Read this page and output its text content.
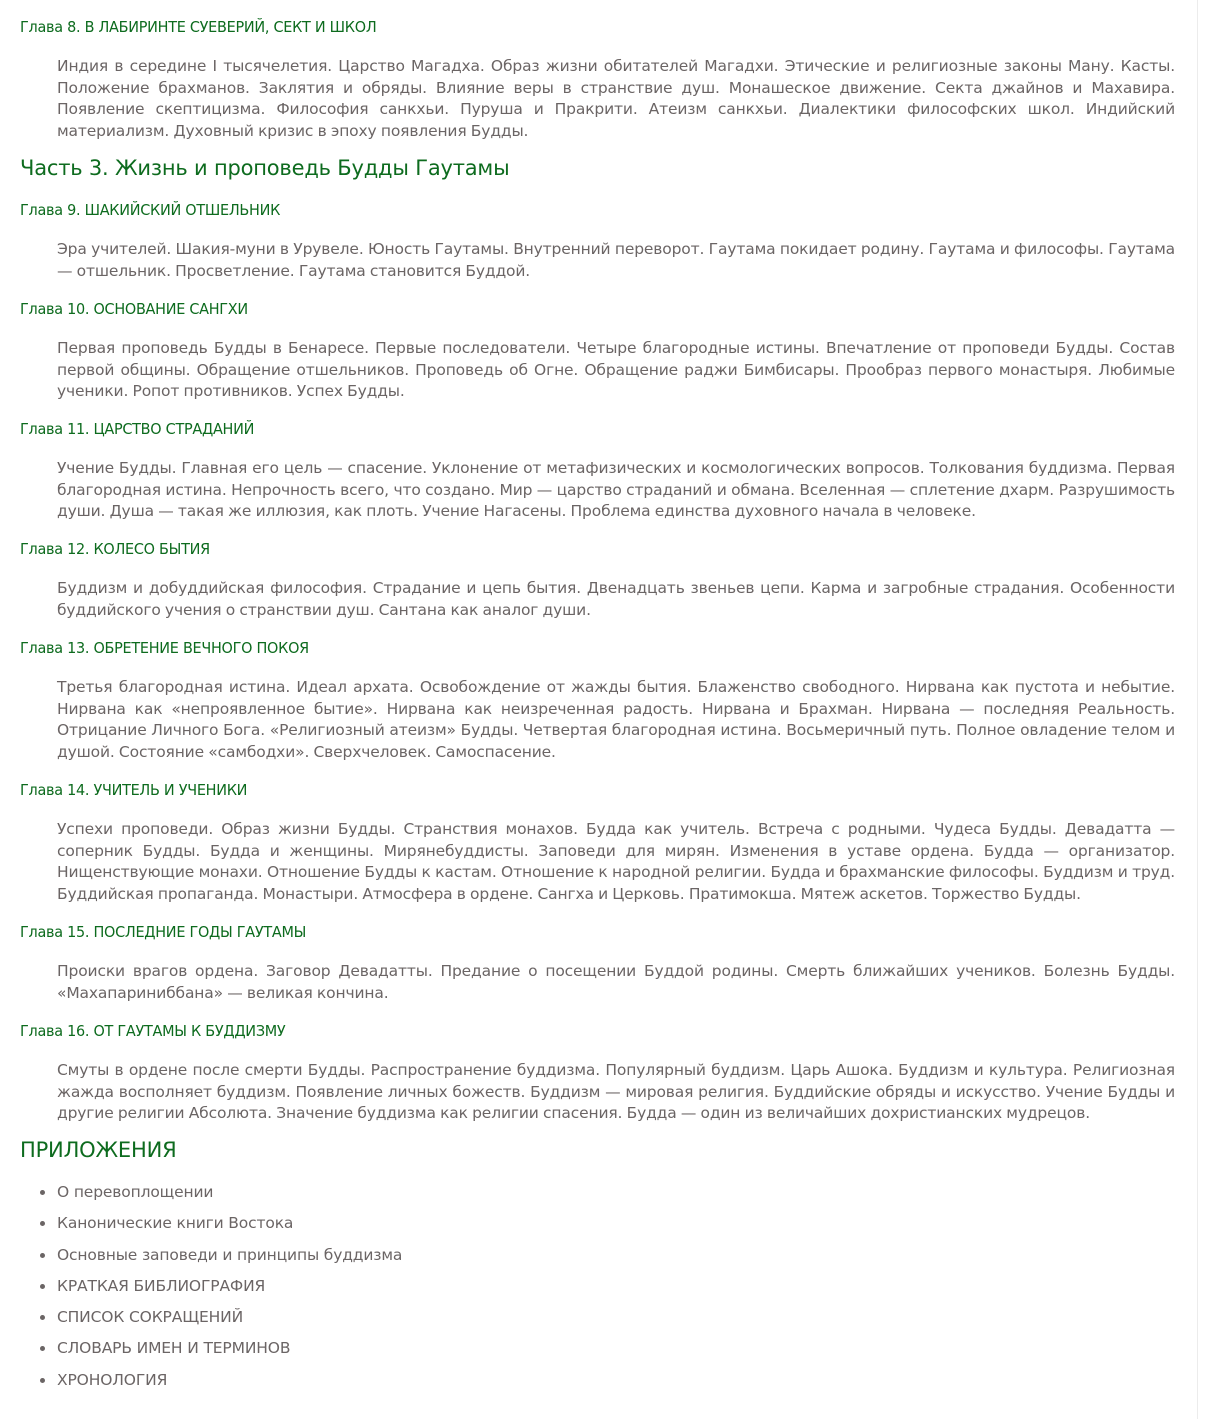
Глава 8. В ЛАБИРИНТЕ СУЕВЕРИЙ, СЕКТ И ШКОЛ

Индия в середине I тысячелетия. Царство Магадха. Образ жизни обитателей Магадхи. Этические и религиозные законы Ману. Касты. Положение брахманов. Заклятия и обряды. Влияние веры в странствие душ. Монашеское движение. Секта джайнов и Махавира. Появление скептицизма. Философия санкхьи. Пуруша и Пракрити. Атеизм санкхьи. Диалектики философских школ. Индийский материализм. Духовный кризис в эпоху появления Будды.

Часть 3. Жизнь и проповедь Будды Гаутамы
Глава 9. ШАКИЙСКИЙ ОТШЕЛЬНИК

Эра учителей. Шакия-муни в Урувеле. Юность Гаутамы. Внутренний переворот. Гаутама покидает родину. Гаутама и философы. Гаутама — отшельник. Просветление. Гаутама становится Буддой.

Глава 10. ОСНОВАНИЕ САНГХИ

Первая проповедь Будды в Бенаресе. Первые последователи. Четыре благородные истины. Впечатление от проповеди Будды. Состав первой общины. Обращение отшельников. Проповедь об Огне. Обращение раджи Бимбисары. Прообраз первого монастыря. Любимые ученики. Ропот противников. Успех Будды.

Глава 11. ЦАРСТВО СТРАДАНИЙ

Учение Будды. Главная его цель — спасение. Уклонение от метафизических и космологических вопросов. Толкования буддизма. Первая благородная истина. Непрочность всего, что создано. Мир — царство страданий и обмана. Вселенная — сплетение дхарм. Разрушимость души. Душа — такая же иллюзия, как плоть. Учение Нагасены. Проблема единства духовного начала в человеке.

Глава 12. КОЛЕСО БЫТИЯ

Буддизм и добуддийская философия. Страдание и цепь бытия. Двенадцать звеньев цепи. Карма и загробные страдания. Особенности буддийского учения о странствии душ. Сантана как аналог души.

Глава 13. ОБРЕТЕНИЕ ВЕЧНОГО ПОКОЯ

Третья благородная истина. Идеал архата. Освобождение от жажды бытия. Блаженство свободного. Нирвана как пустота и небытие. Нирвана как «непроявленное бытие». Нирвана как неизреченная радость. Нирвана и Брахман. Нирвана — последняя Реальность. Отрицание Личного Бога. «Религиозный атеизм» Будды. Четвертая благородная истина. Восьмеричный путь. Полное овладение телом и душой. Состояние «самбодхи». Сверхчеловек. Самоспасение.

Глава 14. УЧИТЕЛЬ И УЧЕНИКИ

Успехи проповеди. Образ жизни Будды. Странствия монахов. Будда как учитель. Встреча с родными. Чудеса Будды. Девадатта — соперник Будды. Будда и женщины. Мирянебуддисты. Заповеди для мирян. Изменения в уставе ордена. Будда — организатор. Нищенствующие монахи. Отношение Будды к кастам. Отношение к народной религии. Будда и брахманские философы. Буддизм и труд. Буддийская пропаганда. Монастыри. Атмосфера в ордене. Сангха и Церковь. Пратимокша. Мятеж аскетов. Торжество Будды.

Глава 15. ПОСЛЕДНИЕ ГОДЫ ГАУТАМЫ

Происки врагов ордена. Заговор Девадатты. Предание о посещении Буддой родины. Смерть ближайших учеников. Болезнь Будды. «Махапариниббана» — великая кончина.

Глава 16. ОТ ГАУТАМЫ К БУДДИЗМУ

Смуты в ордене после смерти Будды. Распространение буддизма. Популярный буддизм. Царь Ашока. Буддизм и культура. Религиозная жажда восполняет буддизм. Появление личных божеств. Буддизм — мировая религия. Буддийские обряды и искусство. Учение Будды и другие религии Абсолюта. Значение буддизма как религии спасения. Будда — один из величайших дохристианских мудрецов.

ПРИЛОЖЕНИЯ
О перевоплощении
Канонические книги Востока
Основные заповеди и принципы буддизма
КРАТКАЯ БИБЛИОГРАФИЯ
СПИСОК СОКРАЩЕНИЙ
СЛОВАРЬ ИМЕН И ТЕРМИНОВ
ХРОНОЛОГИЯ
